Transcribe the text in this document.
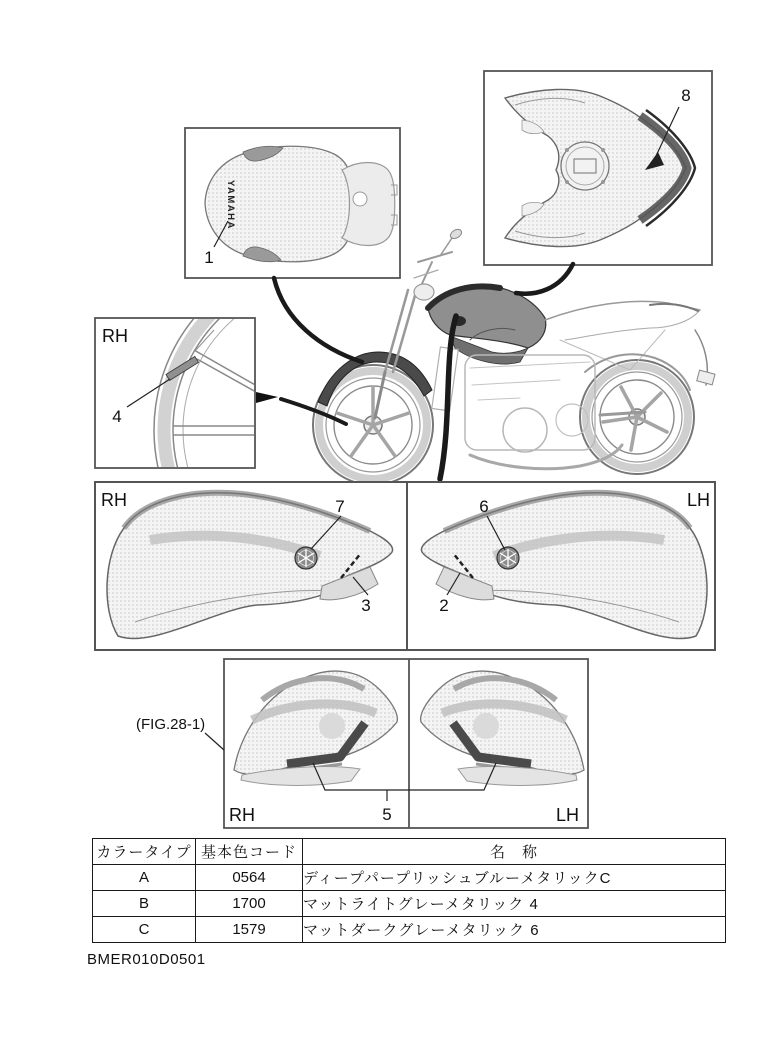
YAMAHA
1
8
4
RH
RH	7
3
LH
6
2
5
RH	LH
(FIG.28-1)
カラータイプ	基本色コード	名　称
A	0564	ディープパープリッシュブルーメタリックC
B	1700	マットライトグレーメタリック 4
C	1579	マットダークグレーメタリック 6
BMER010D0501
